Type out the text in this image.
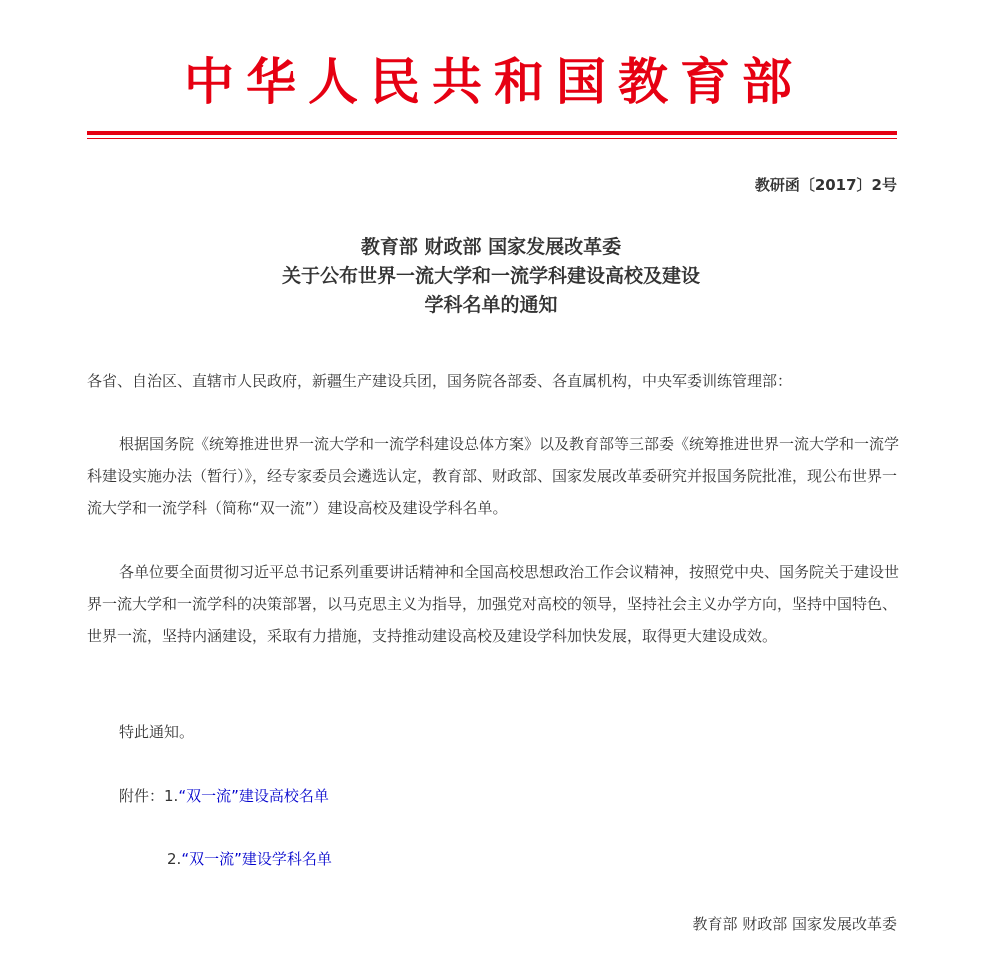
中华人民共和国教育部
教研函〔2017〕2号
教育部 财政部 国家发展改革委
关于公布世界一流大学和一流学科建设高校及建设
学科名单的通知

各省、自治区、直辖市人民政府，新疆生产建设兵团，国务院各部委、各直属机构，中央军委训练管理部：

根据国务院《统筹推进世界一流大学和一流学科建设总体方案》以及教育部等三部委《统筹推进世界一流大学和一流学科建设实施办法（暂行）》，经专家委员会遴选认定，教育部、财政部、国家发展改革委研究并报国务院批准，现公布世界一流大学和一流学科（简称“双一流”）建设高校及建设学科名单。

各单位要全面贯彻习近平总书记系列重要讲话精神和全国高校思想政治工作会议精神，按照党中央、国务院关于建设世界一流大学和一流学科的决策部署，以马克思主义为指导，加强党对高校的领导，坚持社会主义办学方向，坚持中国特色、世界一流，坚持内涵建设，采取有力措施，支持推动建设高校及建设学科加快发展，取得更大建设成效。

特此通知。

附件：1.“双一流”建设高校名单

2.“双一流”建设学科名单

教育部 财政部 国家发展改革委
